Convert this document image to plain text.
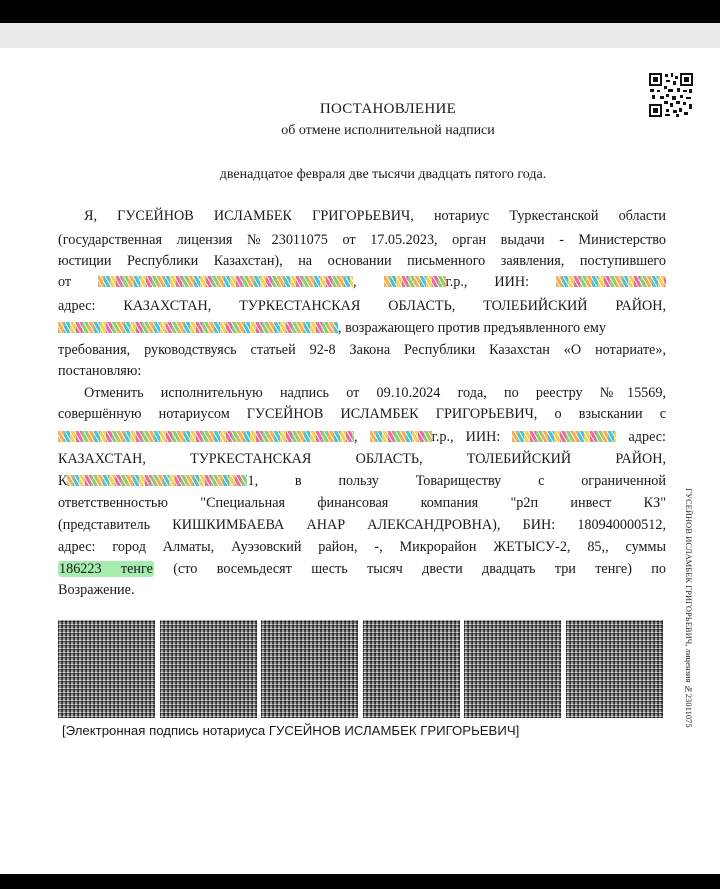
ПОСТАНОВЛЕНИЕ
об отмене исполнительной надписи
двенадцатое февраля две тысячи двадцать пятого года.
Я, ГУСЕЙНОВ ИСЛАМБЕК ГРИГОРЬЕВИЧ, нотариус Туркестанской области
(государственная лицензия №23011075 от 17.05.2023, орган выдачи - Министерство
юстиции Республики Казахстан), на основании письменного заявления, поступившего
от	,	г.р., ИИН:
адрес: КАЗАХСТАН, ТУРКЕСТАНСКАЯ ОБЛАСТЬ, ТОЛЕБИЙСКИЙ РАЙОН,
, возражающего против предъявленного ему
требования, руководствуясь статьей 92-8 Закона Республики Казахстан «О нотариате»,
постановляю:
Отменить исполнительную надпись от 09.10.2024 года, по реестру №15569,
совершённую нотариусом ГУСЕЙНОВ ИСЛАМБЕК ГРИГОРЬЕВИЧ, о взыскании с
,	г.р., ИИН:	адрес:
КАЗАХСТАН, ТУРКЕСТАНСКАЯ ОБЛАСТЬ, ТОЛЕБИЙСКИЙ РАЙОН,
К	1, в пользу Товариществу с ограниченной
ответственностью "Специальная финансовая компания "р2п инвест КЗ"
(представитель КИШКИМБАЕВА АНАР АЛЕКСАНДРОВНА), БИН: 180940000512,
адрес: город Алматы, Ауэзовский район, -, Микрорайон ЖЕТЫСУ-2, 85,, суммы
186223 тенге (сто восемьдесят шесть тысяч двести двадцать три тенге) по
Возражение.
[Электронная подпись нотариуса ГУСЕЙНОВ ИСЛАМБЕК ГРИГОРЬЕВИЧ]
ГУСЕЙНОВ ИСЛАМБЕК ГРИГОРЬЕВИЧ, лицензия №23011075
